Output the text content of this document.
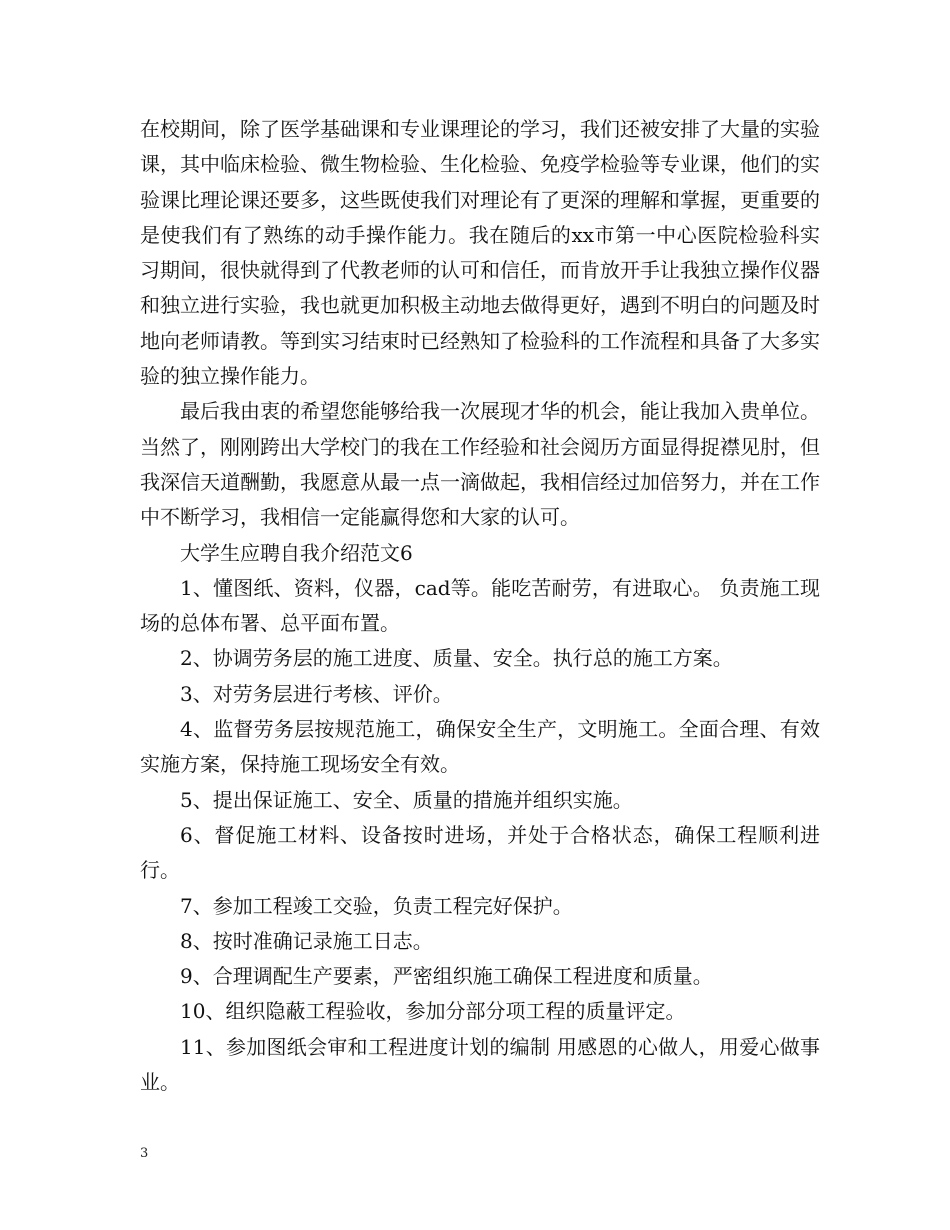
在校期间，除了医学基础课和专业课理论的学习，我们还被安排了大量的实验课，其中临床检验、微生物检验、生化检验、免疫学检验等专业课，他们的实验课比理论课还要多，这些既使我们对理论有了更深的理解和掌握，更重要的是使我们有了熟练的动手操作能力。我在随后的xx市第一中心医院检验科实习期间，很快就得到了代教老师的认可和信任，而肯放开手让我独立操作仪器和独立进行实验，我也就更加积极主动地去做得更好，遇到不明白的问题及时地向老师请教。等到实习结束时已经熟知了检验科的工作流程和具备了大多实验的独立操作能力。

最后我由衷的希望您能够给我一次展现才华的机会，能让我加入贵单位。当然了，刚刚跨出大学校门的我在工作经验和社会阅历方面显得捉襟见肘，但我深信天道酬勤，我愿意从最一点一滴做起，我相信经过加倍努力，并在工作中不断学习，我相信一定能赢得您和大家的认可。

大学生应聘自我介绍范文6

1、懂图纸、资料，仪器，cad等。能吃苦耐劳，有进取心。 负责施工现场的总体布署、总平面布置。

2、协调劳务层的施工进度、质量、安全。执行总的施工方案。

3、对劳务层进行考核、评价。

4、监督劳务层按规范施工，确保安全生产，文明施工。全面合理、有效实施方案，保持施工现场安全有效。

5、提出保证施工、安全、质量的措施并组织实施。

6、督促施工材料、设备按时进场，并处于合格状态，确保工程顺利进行。

7、参加工程竣工交验，负责工程完好保护。

8、按时准确记录施工日志。

9、合理调配生产要素，严密组织施工确保工程进度和质量。

10、组织隐蔽工程验收，参加分部分项工程的质量评定。

11、参加图纸会审和工程进度计划的编制 用感恩的心做人，用爱心做事业。

3
